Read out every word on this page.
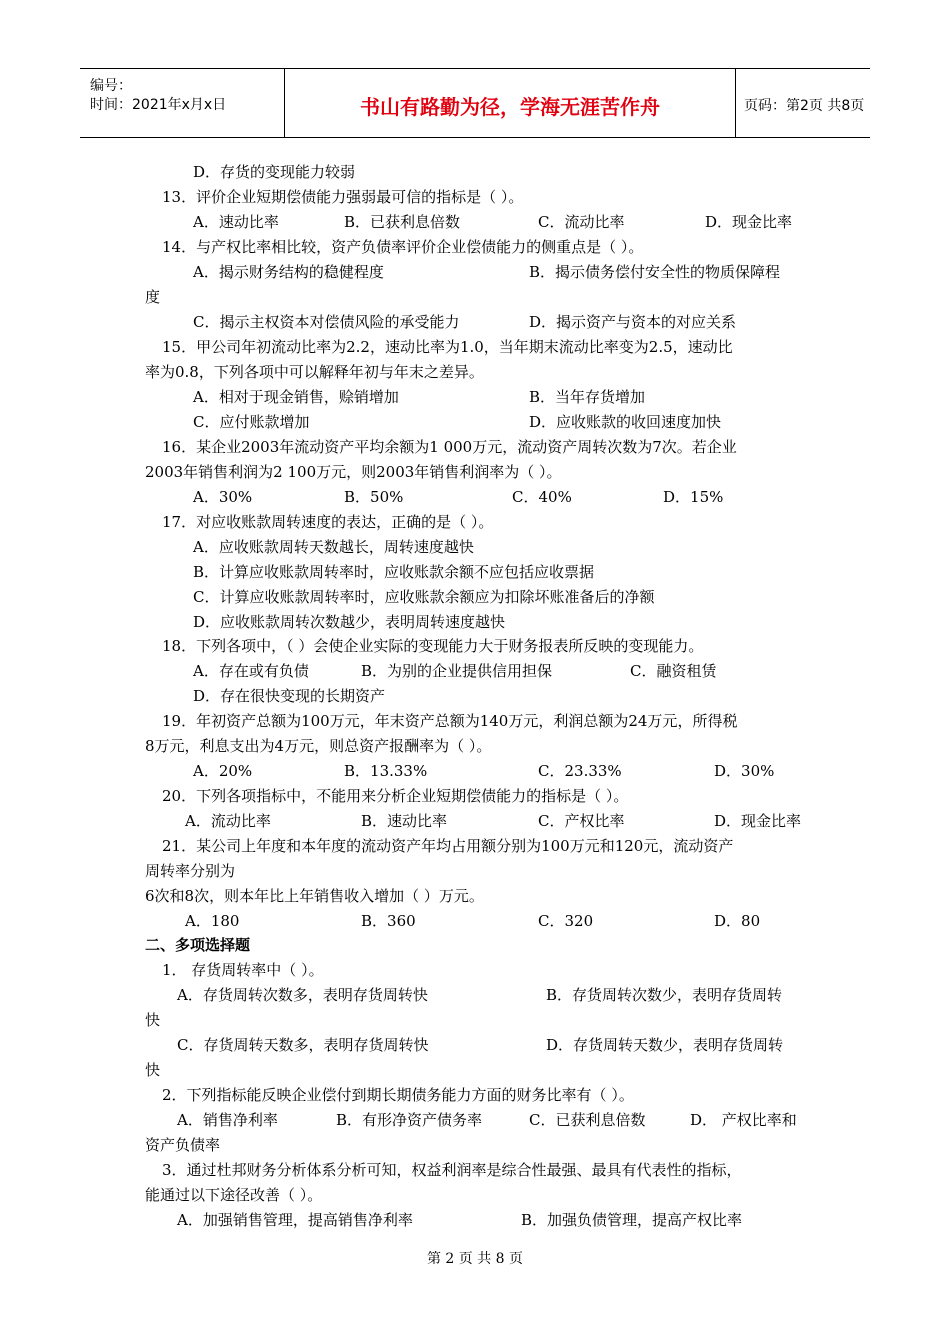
编号：
时间：2021年x月x日	书山有路勤为径，学海无涯苦作舟	页码：第2页 共8页
D．存货的变现能力较弱
13．评价企业短期偿债能力强弱最可信的指标是（ ）。
A．速动比率	B．已获利息倍数	C．流动比率	D．现金比率
14．与产权比率相比较，资产负债率评价企业偿债能力的侧重点是（ ）。
A．揭示财务结构的稳健程度	B．揭示债务偿付安全性的物质保障程
度
C．揭示主权资本对偿债风险的承受能力	D．揭示资产与资本的对应关系
15．甲公司年初流动比率为2.2，速动比率为1.0，当年期末流动比率变为2.5，速动比
率为0.8，下列各项中可以解释年初与年末之差异。
A．相对于现金销售，赊销增加	B．当年存货增加
C．应付账款增加	D．应收账款的收回速度加快
16．某企业2003年流动资产平均余额为1 000万元，流动资产周转次数为7次。若企业
2003年销售利润为2 100万元，则2003年销售利润率为（ ）。
A．30%	B．50%	C．40%	D．15%
17．对应收账款周转速度的表达，正确的是（ ）。
A．应收账款周转天数越长，周转速度越快
B．计算应收账款周转率时，应收账款余额不应包括应收票据
C．计算应收账款周转率时，应收账款余额应为扣除坏账准备后的净额
D．应收账款周转次数越少，表明周转速度越快
18．下列各项中，（ ）会使企业实际的变现能力大于财务报表所反映的变现能力。
A．存在或有负债	B．为别的企业提供信用担保	C．融资租赁
D．存在很快变现的长期资产
19．年初资产总额为100万元，年末资产总额为140万元，利润总额为24万元，所得税
8万元，利息支出为4万元，则总资产报酬率为（ ）。
A．20%	B．13.33%	C．23.33%	D．30%
20．下列各项指标中，不能用来分析企业短期偿债能力的指标是（ ）。
A．流动比率	B．速动比率	C．产权比率	D．现金比率
21．某公司上年度和本年度的流动资产年均占用额分别为100万元和120元，流动资产
周转率分别为
6次和8次，则本年比上年销售收入增加（ ）万元。
A．180	B．360	C．320	D．80
二、多项选择题
1． 存货周转率中（ ）。
A．存货周转次数多，表明存货周转快	B．存货周转次数少，表明存货周转
快
C．存货周转天数多，表明存货周转快	D．存货周转天数少，表明存货周转
快
2．下列指标能反映企业偿付到期长期债务能力方面的财务比率有（ ）。
A．销售净利率	B．有形净资产债务率	C．已获利息倍数	D． 产权比率和
资产负债率
3．通过杜邦财务分析体系分析可知，权益利润率是综合性最强、最具有代表性的指标，
能通过以下途径改善（ ）。
A．加强销售管理，提高销售净利率	B．加强负债管理，提高产权比率
第 2 页 共 8 页
